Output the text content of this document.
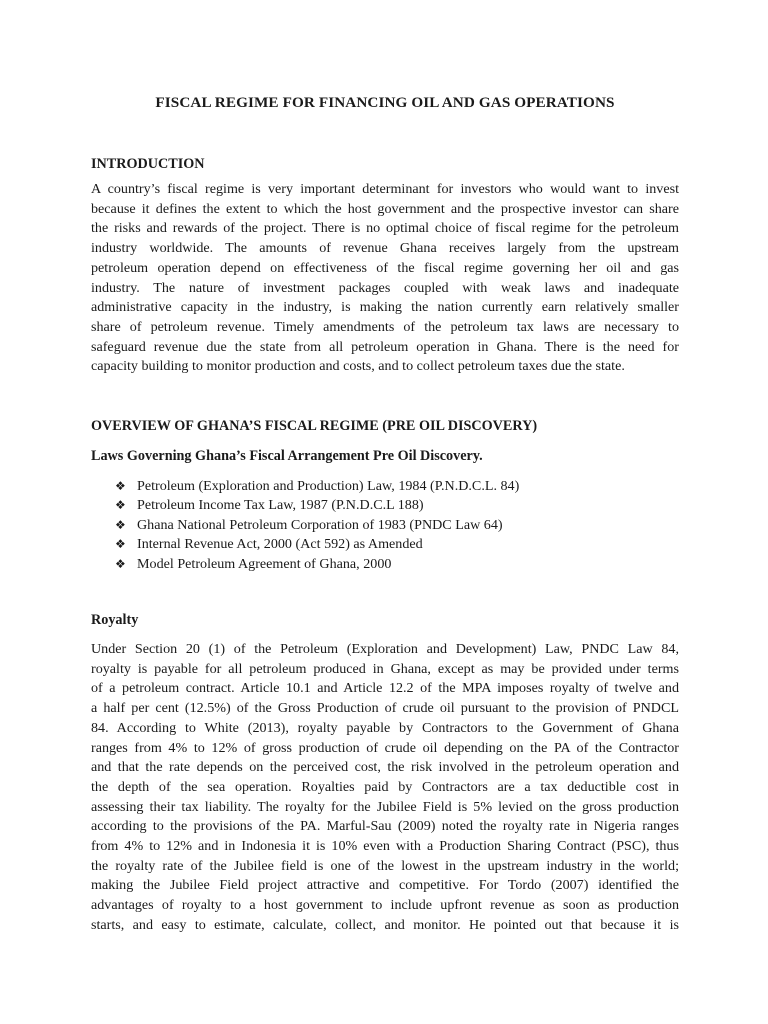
FISCAL REGIME FOR FINANCING OIL AND GAS OPERATIONS
INTRODUCTION
A country’s fiscal regime is very important determinant for investors who would want to invest
because it defines the extent to which the host government and the prospective investor can share
the risks and rewards of the project. There is no optimal choice of fiscal regime for the petroleum
industry worldwide. The amounts of revenue Ghana receives largely from the upstream
petroleum operation depend on effectiveness of the fiscal regime governing her oil and gas
industry. The nature of investment packages coupled with weak laws and inadequate
administrative capacity in the industry, is making the nation currently earn relatively smaller
share of petroleum revenue. Timely amendments of the petroleum tax laws are necessary to
safeguard revenue due the state from all petroleum operation in Ghana. There is the need for
capacity building to monitor production and costs, and to collect petroleum taxes due the state.
OVERVIEW OF GHANA’S FISCAL REGIME (PRE OIL DISCOVERY)
Laws Governing Ghana’s Fiscal Arrangement Pre Oil Discovery.
❖ Petroleum (Exploration and Production) Law, 1984 (P.N.D.C.L. 84)
❖ Petroleum Income Tax Law, 1987 (P.N.D.C.L 188)
❖ Ghana National Petroleum Corporation of 1983 (PNDC Law 64)
❖ Internal Revenue Act, 2000 (Act 592) as Amended
❖ Model Petroleum Agreement of Ghana, 2000
Royalty
Under Section 20 (1) of the Petroleum (Exploration and Development) Law, PNDC Law 84,
royalty is payable for all petroleum produced in Ghana, except as may be provided under terms
of a petroleum contract. Article 10.1 and Article 12.2 of the MPA imposes royalty of twelve and
a half per cent (12.5%) of the Gross Production of crude oil pursuant to the provision of PNDCL
84. According to White (2013), royalty payable by Contractors to the Government of Ghana
ranges from 4% to 12% of gross production of crude oil depending on the PA of the Contractor
and that the rate depends on the perceived cost, the risk involved in the petroleum operation and
the depth of the sea operation. Royalties paid by Contractors are a tax deductible cost in
assessing their tax liability. The royalty for the Jubilee Field is 5% levied on the gross production
according to the provisions of the PA. Marful-Sau (2009) noted the royalty rate in Nigeria ranges
from 4% to 12% and in Indonesia it is 10% even with a Production Sharing Contract (PSC), thus
the royalty rate of the Jubilee field is one of the lowest in the upstream industry in the world;
making the Jubilee Field project attractive and competitive. For Tordo (2007) identified the
advantages of royalty to a host government to include upfront revenue as soon as production
starts, and easy to estimate, calculate, collect, and monitor. He pointed out that because it is
